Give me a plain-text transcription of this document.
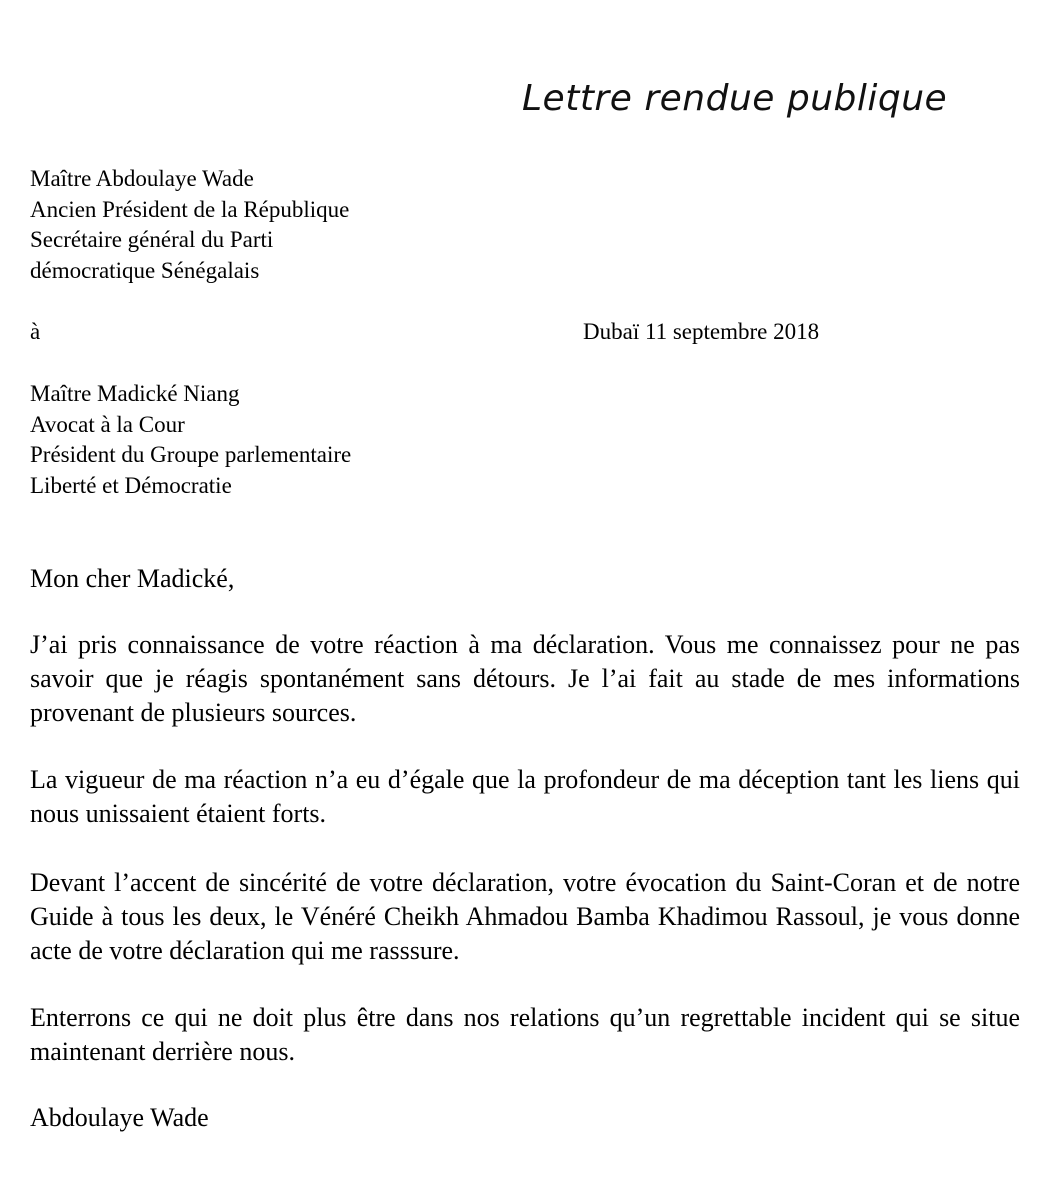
Lettre rendue publique
Maître Abdoulaye Wade
Ancien Président de la République
Secrétaire général du Parti
démocratique Sénégalais
à	Dubaï 11 septembre 2018
Maître Madické Niang
Avocat à la Cour
Président du Groupe parlementaire
Liberté et Démocratie
Mon cher Madické,

J’ai pris connaissance de votre réaction à ma déclaration. Vous me connaissez pour ne pas savoir que je réagis spontanément sans détours. Je l’ai fait au stade de mes informations provenant de plusieurs sources.

La vigueur de ma réaction n’a eu d’égale que la profondeur de ma déception tant les liens qui nous unissaient étaient forts.

Devant l’accent de sincérité de votre déclaration, votre évocation du Saint-Coran et de notre Guide à tous les deux, le Vénéré Cheikh Ahmadou Bamba Khadimou Rassoul, je vous donne acte de votre déclaration qui me rasssure.

Enterrons ce qui ne doit plus être dans nos relations qu’un regrettable incident qui se situe maintenant derrière nous.

Abdoulaye Wade
